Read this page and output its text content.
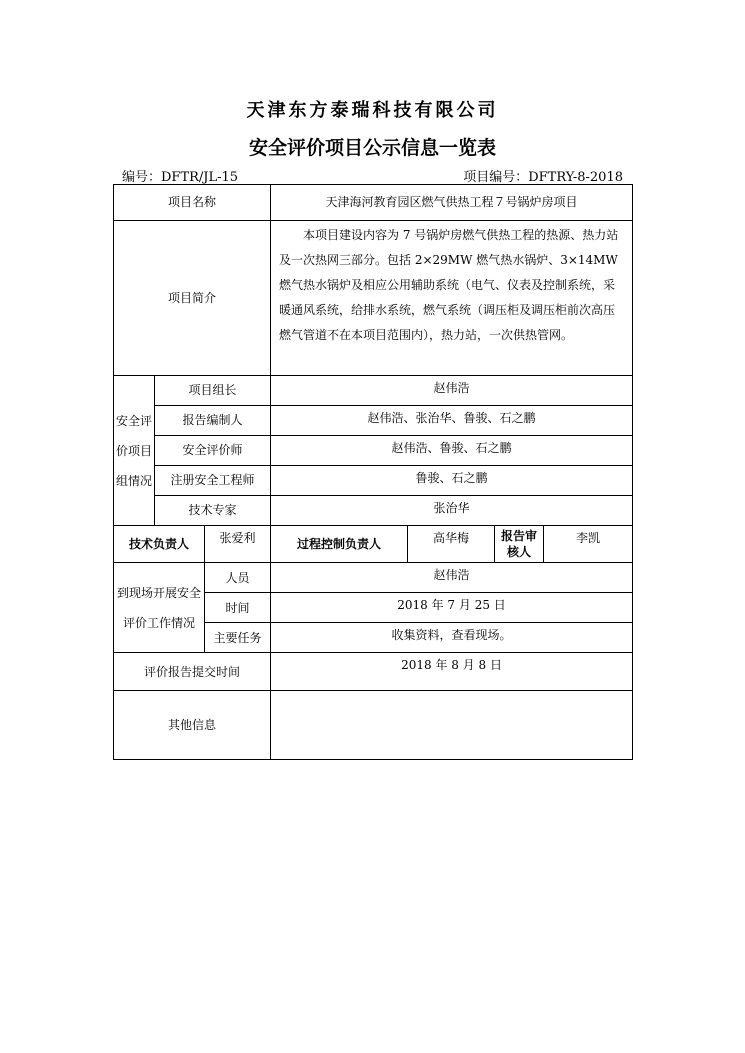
天津东方泰瑞科技有限公司
安全评价项目公示信息一览表
编号：DFTR/JL-15	项目编号：DFTRY-8-2018
项目名称			天津海河教育园区燃气供热工程７号锅炉房项目			
项目简介			本项目建设内容为 7 号锅炉房燃气供热工程的热源、热力站及一次热网三部分。包括 2×29MW 燃气热水锅炉、3×14MW 燃气热水锅炉及相应公用辅助系统（电气、仪表及控制系统，采暖通风系统，给排水系统，燃气系统（调压柜及调压柜前次高压燃气管道不在本项目范围内），热力站，一次供热管网。			
安全评价项目组情况	项目组长		赵伟浩			
	报告编制人		赵伟浩、张治华、鲁骏、石之鹏			
	安全评价师		赵伟浩、鲁骏、石之鹏			
	注册安全工程师		鲁骏、石之鹏			
	技术专家		张治华			
技术负责人		张爱利	过程控制负责人	高华梅	报告审核人	李凯
到现场开展安全评价工作情况		人员	赵伟浩			
		时间	2018 年 7 月 25 日			
		主要任务	收集资料，查看现场。			
评价报告提交时间			2018 年 8 月 8 日			
其他信息						
